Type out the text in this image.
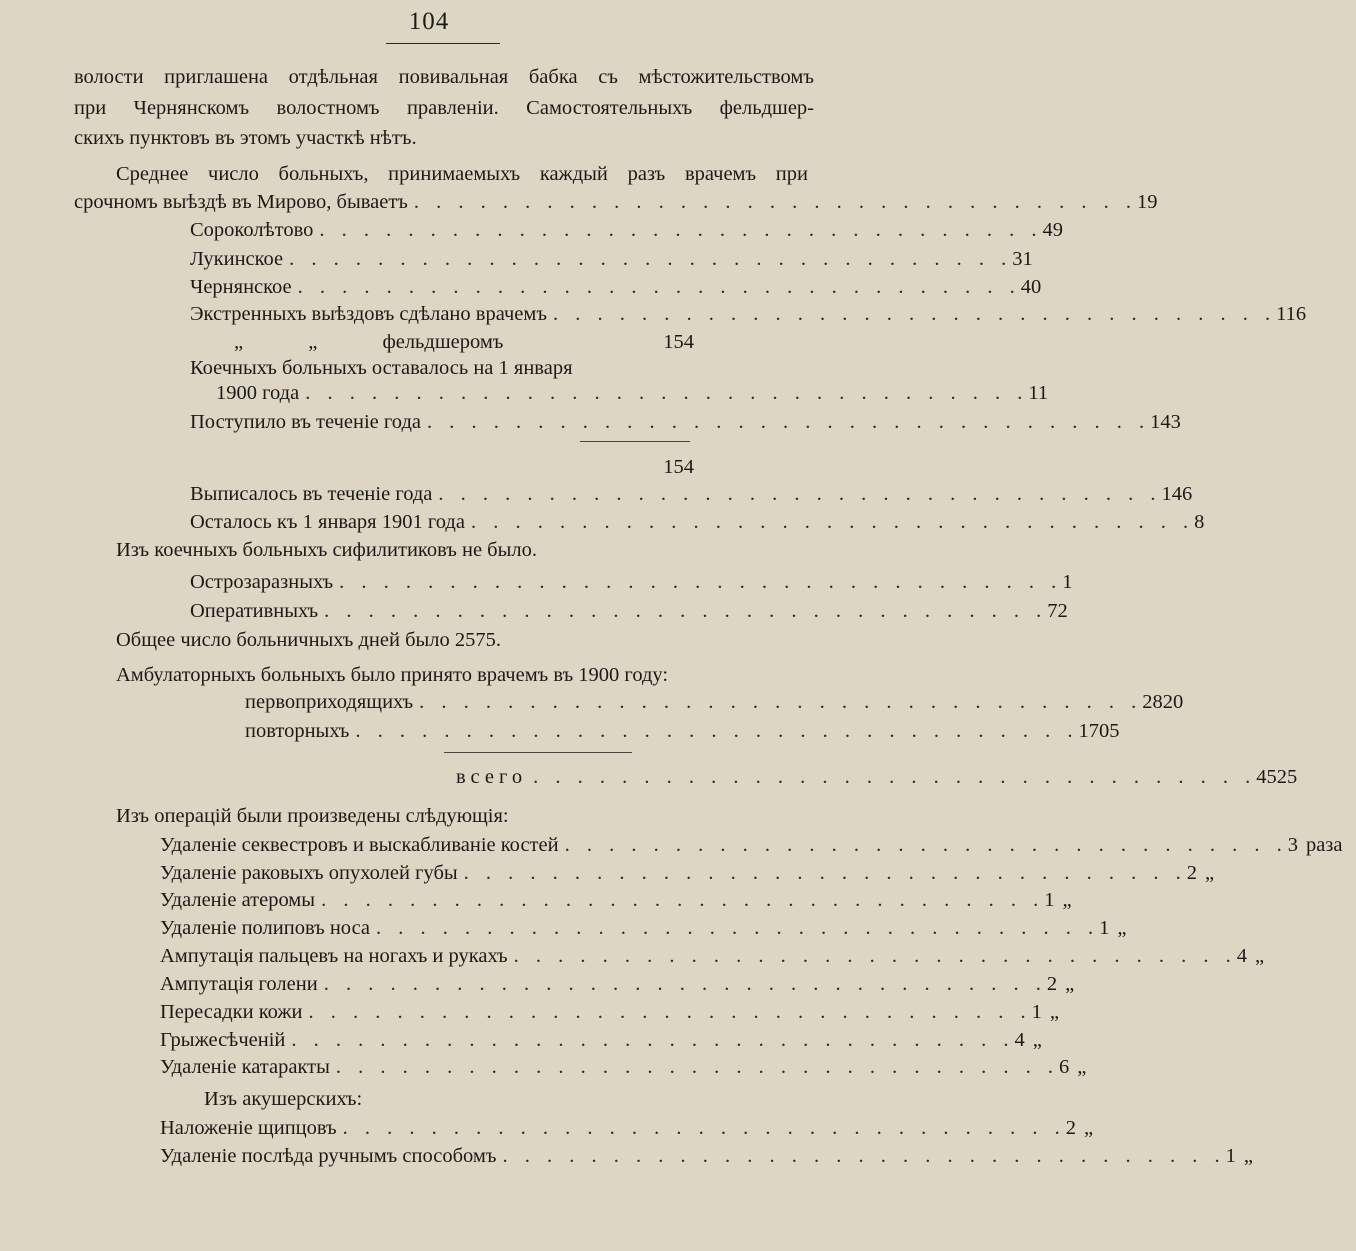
104
волости приглашена отдѣльная повивальная бабка съ мѣстожительствомъ
при Чернянскомъ волостномъ правленіи. Самостоятельныхъ фельдшер-
скихъ пунктовъ въ этомъ участкѣ нѣтъ.
Среднее число больныхъ, принимаемыхъ каждый разъ врачемъ при
срочномъ выѣздѣ въ Мирово, бываетъ . . . . . . . . . . . . . . . . . . . . . . . . . . . . . . . . . 19
Сороколѣтово . . . . . . . . . . . . . . . . . . . . . . . . . . . . . . . . . 49
Лукинское . . . . . . . . . . . . . . . . . . . . . . . . . . . . . . . . . 31
Чернянское . . . . . . . . . . . . . . . . . . . . . . . . . . . . . . . . . 40
Экстренныхъ выѣздовъ сдѣлано врачемъ . . . . . . . . . . . . . . . . . . . . . . . . . . . . . . . . . 116
„ „ фельдшеромъ	154
Коечныхъ больныхъ оставалось на 1 января
1900 года . . . . . . . . . . . . . . . . . . . . . . . . . . . . . . . . . 11
Поступило въ теченіе года . . . . . . . . . . . . . . . . . . . . . . . . . . . . . . . . . 143
154
Выписалось въ теченіе года . . . . . . . . . . . . . . . . . . . . . . . . . . . . . . . . . 146
Осталось къ 1 января 1901 года . . . . . . . . . . . . . . . . . . . . . . . . . . . . . . . . . 8
Изъ коечныхъ больныхъ сифилитиковъ не было.
Острозаразныхъ . . . . . . . . . . . . . . . . . . . . . . . . . . . . . . . . . 1
Оперативныхъ . . . . . . . . . . . . . . . . . . . . . . . . . . . . . . . . . 72
Общее число больничныхъ дней было 2575.
Амбулаторныхъ больныхъ было принято врачемъ въ 1900 году:
первоприходящихъ . . . . . . . . . . . . . . . . . . . . . . . . . . . . . . . . . 2820
повторныхъ . . . . . . . . . . . . . . . . . . . . . . . . . . . . . . . . . 1705
всего . . . . . . . . . . . . . . . . . . . . . . . . . . . . . . . . . 4525
Изъ операцій были произведены слѣдующія:
Удаленіе секвестровъ и выскабливаніе костей . . . . . . . . . . . . . . . . . . . . . . . . . . . . . . . . . 3 раза
Удаленіе раковыхъ опухолей губы . . . . . . . . . . . . . . . . . . . . . . . . . . . . . . . . . 2 „
Удаленіе атеромы . . . . . . . . . . . . . . . . . . . . . . . . . . . . . . . . . 1 „
Удаленіе полиповъ носа . . . . . . . . . . . . . . . . . . . . . . . . . . . . . . . . . 1 „
Ампутація пальцевъ на ногахъ и рукахъ . . . . . . . . . . . . . . . . . . . . . . . . . . . . . . . . . 4 „
Ампутація голени . . . . . . . . . . . . . . . . . . . . . . . . . . . . . . . . . 2 „
Пересадки кожи . . . . . . . . . . . . . . . . . . . . . . . . . . . . . . . . . 1 „
Грыжесѣченій . . . . . . . . . . . . . . . . . . . . . . . . . . . . . . . . . 4 „
Удаленіе катаракты . . . . . . . . . . . . . . . . . . . . . . . . . . . . . . . . . 6 „
Изъ акушерскихъ:
Наложеніе щипцовъ . . . . . . . . . . . . . . . . . . . . . . . . . . . . . . . . . 2 „
Удаленіе послѣда ручнымъ способомъ . . . . . . . . . . . . . . . . . . . . . . . . . . . . . . . . . 1 „
